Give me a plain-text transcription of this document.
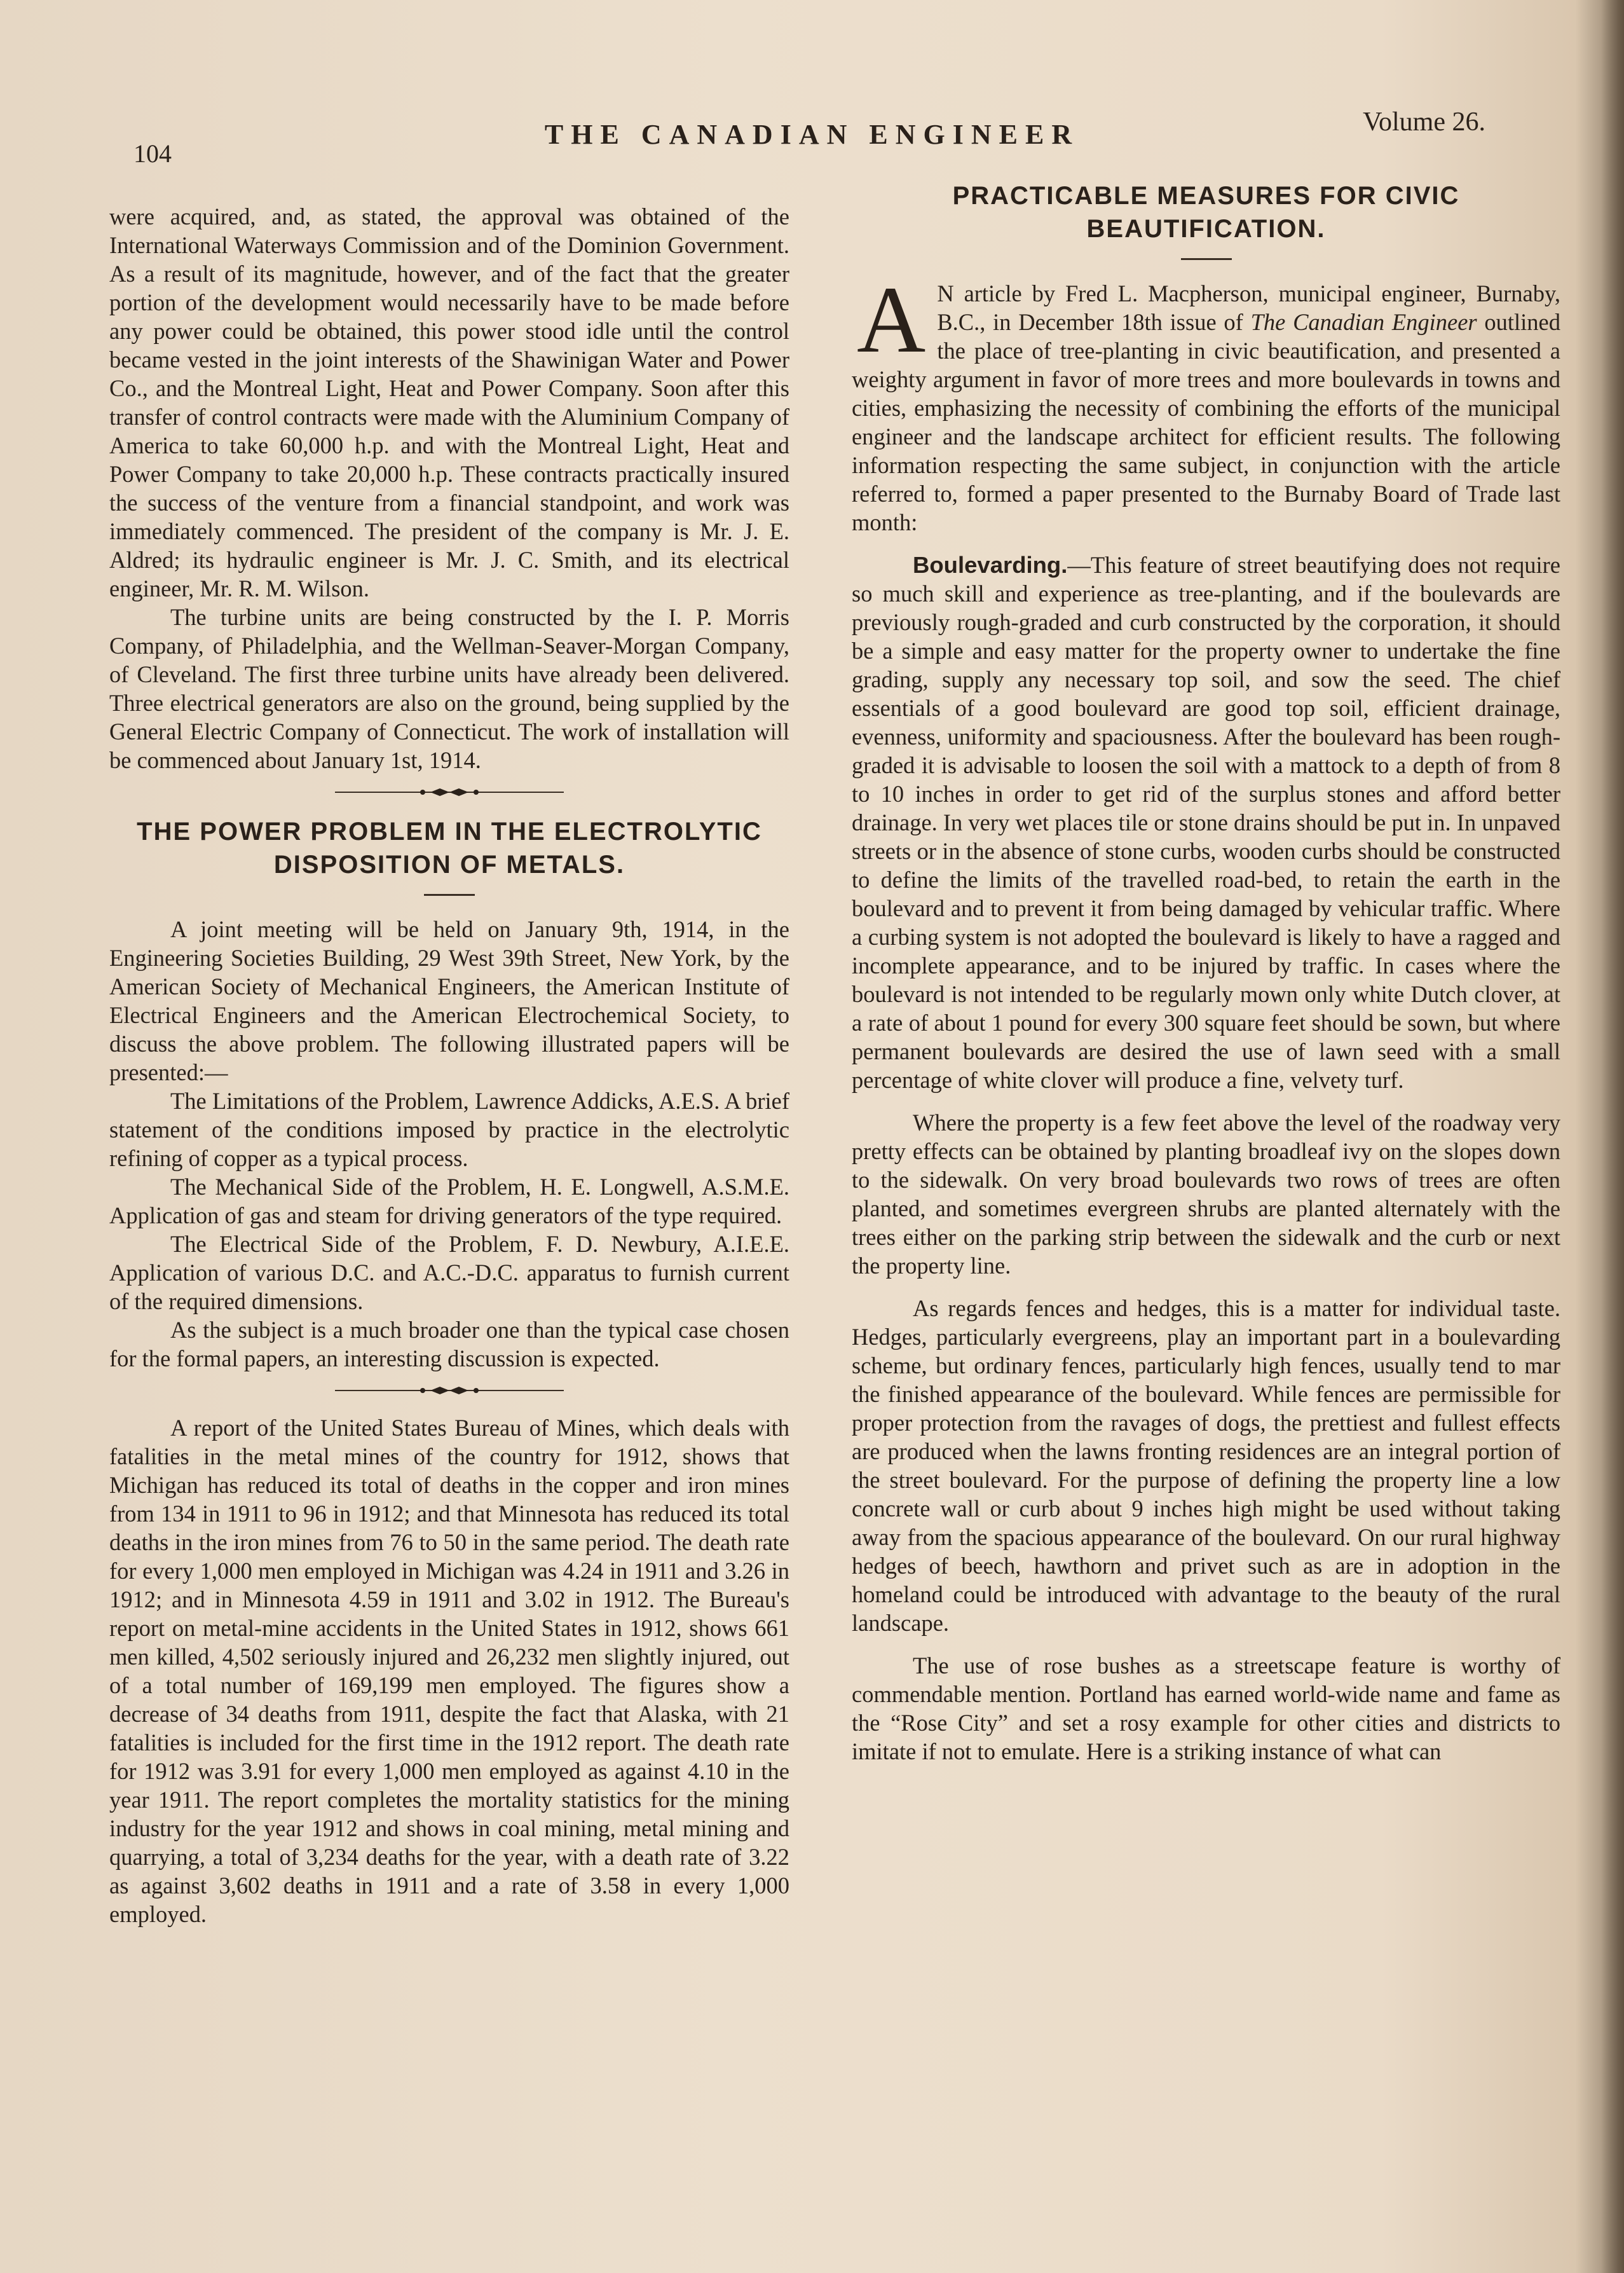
104
THE CANADIAN ENGINEER	Volume 26.

were acquired, and, as stated, the approval was obtained of the International Waterways Commission and of the Dominion Government. As a result of its magnitude, however, and of the fact that the greater portion of the development would necessarily have to be made before any power could be obtained, this power stood idle until the control became vested in the joint interests of the Shawinigan Water and Power Co., and the Montreal Light, Heat and Power Company. Soon after this transfer of control contracts were made with the Aluminium Company of America to take 60,000 h.p. and with the Montreal Light, Heat and Power Company to take 20,000 h.p. These contracts practically insured the success of the venture from a financial standpoint, and work was immediately commenced. The president of the company is Mr. J. E. Aldred; its hydraulic engineer is Mr. J. C. Smith, and its electrical engineer, Mr. R. M. Wilson.

The turbine units are being constructed by the I. P. Morris Company, of Philadelphia, and the Wellman-Seaver-Morgan Company, of Cleveland. The first three turbine units have already been delivered. Three electrical generators are also on the ground, being supplied by the General Electric Company of Connecticut. The work of installation will be commenced about January 1st, 1914.

THE POWER PROBLEM IN THE ELECTROLYTIC DISPOSITION OF METALS.

A joint meeting will be held on January 9th, 1914, in the Engineering Societies Building, 29 West 39th Street, New York, by the American Society of Mechanical Engineers, the American Institute of Electrical Engineers and the American Electrochemical Society, to discuss the above problem. The following illustrated papers will be presented:—

The Limitations of the Problem, Lawrence Addicks, A.E.S. A brief statement of the conditions imposed by practice in the electrolytic refining of copper as a typical process.

The Mechanical Side of the Problem, H. E. Longwell, A.S.M.E. Application of gas and steam for driving generators of the type required.

The Electrical Side of the Problem, F. D. Newbury, A.I.E.E. Application of various D.C. and A.C.-D.C. apparatus to furnish current of the required dimensions.

As the subject is a much broader one than the typical case chosen for the formal papers, an interesting discussion is expected.

A report of the United States Bureau of Mines, which deals with fatalities in the metal mines of the country for 1912, shows that Michigan has reduced its total of deaths in the copper and iron mines from 134 in 1911 to 96 in 1912; and that Minnesota has reduced its total deaths in the iron mines from 76 to 50 in the same period. The death rate for every 1,000 men employed in Michigan was 4.24 in 1911 and 3.26 in 1912; and in Minnesota 4.59 in 1911 and 3.02 in 1912. The Bureau's report on metal-mine accidents in the United States in 1912, shows 661 men killed, 4,502 seriously injured and 26,232 men slightly injured, out of a total number of 169,199 men employed. The figures show a decrease of 34 deaths from 1911, despite the fact that Alaska, with 21 fatalities is included for the first time in the 1912 report. The death rate for 1912 was 3.91 for every 1,000 men employed as against 4.10 in the year 1911. The report completes the mortality statistics for the mining industry for the year 1912 and shows in coal mining, metal mining and quarrying, a total of 3,234 deaths for the year, with a death rate of 3.22 as against 3,602 deaths in 1911 and a rate of 3.58 in every 1,000 employed.

PRACTICABLE MEASURES FOR CIVIC BEAUTIFICATION.
A N article by Fred L. Macpherson, municipal engineer, Burnaby, B.C., in December 18th issue of The Canadian Engineer outlined the place of tree-planting in civic beautification, and presented a weighty argument in favor of more trees and more boulevards in towns and cities, emphasizing the necessity of combining the efforts of the municipal engineer and the landscape architect for efficient results. The following information respecting the same subject, in conjunction with the article referred to, formed a paper presented to the Burnaby Board of Trade last month:

Boulevarding.—This feature of street beautifying does not require so much skill and experience as tree-planting, and if the boulevards are previously rough-graded and curb constructed by the corporation, it should be a simple and easy matter for the property owner to undertake the fine grading, supply any necessary top soil, and sow the seed. The chief essentials of a good boulevard are good top soil, efficient drainage, evenness, uniformity and spaciousness. After the boulevard has been rough-graded it is advisable to loosen the soil with a mattock to a depth of from 8 to 10 inches in order to get rid of the surplus stones and afford better drainage. In very wet places tile or stone drains should be put in. In unpaved streets or in the absence of stone curbs, wooden curbs should be constructed to define the limits of the travelled road-bed, to retain the earth in the boulevard and to prevent it from being damaged by vehicular traffic. Where a curbing system is not adopted the boulevard is likely to have a ragged and incomplete appearance, and to be injured by traffic. In cases where the boulevard is not intended to be regularly mown only white Dutch clover, at a rate of about 1 pound for every 300 square feet should be sown, but where permanent boulevards are desired the use of lawn seed with a small percentage of white clover will produce a fine, velvety turf.

Where the property is a few feet above the level of the roadway very pretty effects can be obtained by planting broadleaf ivy on the slopes down to the sidewalk. On very broad boulevards two rows of trees are often planted, and sometimes evergreen shrubs are planted alternately with the trees either on the parking strip between the sidewalk and the curb or next the property line.

As regards fences and hedges, this is a matter for individual taste. Hedges, particularly evergreens, play an important part in a boulevarding scheme, but ordinary fences, particularly high fences, usually tend to mar the finished appearance of the boulevard. While fences are permissible for proper protection from the ravages of dogs, the prettiest and fullest effects are produced when the lawns fronting residences are an integral portion of the street boulevard. For the purpose of defining the property line a low concrete wall or curb about 9 inches high might be used without taking away from the spacious appearance of the boulevard. On our rural highway hedges of beech, hawthorn and privet such as are in adoption in the homeland could be introduced with advantage to the beauty of the rural landscape.

The use of rose bushes as a streetscape feature is worthy of commendable mention. Portland has earned world-wide name and fame as the “Rose City” and set a rosy example for other cities and districts to imitate if not to emulate. Here is a striking instance of what can
